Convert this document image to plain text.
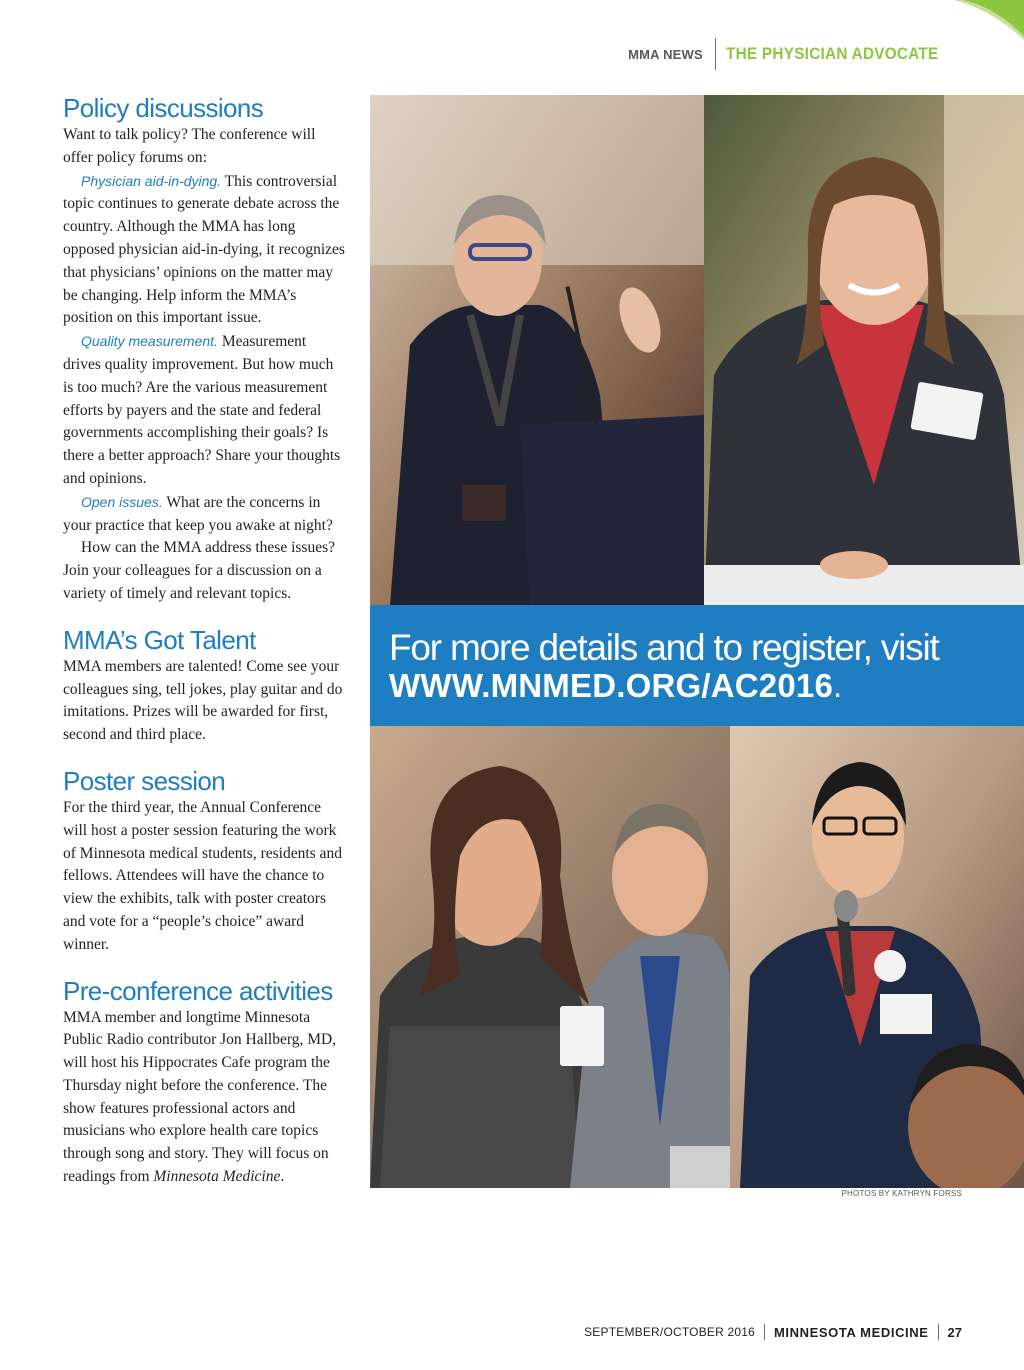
MMA NEWS THE PHYSICIAN ADVOCATE
Policy discussions

Want to talk policy? The conference will offer policy forums on:

Physician aid-in-dying. This controversial topic continues to generate debate across the country. Although the MMA has long opposed physician aid-in-dying, it recognizes that physicians’ opinions on the matter may be changing. Help inform the MMA’s position on this important issue.

Quality measurement. Measurement drives quality improvement. But how much is too much? Are the various measurement efforts by payers and the state and federal governments accomplishing their goals? Is there a better approach? Share your thoughts and opinions.

Open issues. What are the concerns in your practice that keep you awake at night?

How can the MMA address these issues? Join your colleagues for a discussion on a variety of timely and relevant topics.

MMA’s Got Talent

MMA members are talented! Come see your colleagues sing, tell jokes, play guitar and do imitations. Prizes will be awarded for first, second and third place.

Poster session

For the third year, the Annual Conference will host a poster session featuring the work of Minnesota medical students, residents and fellows. Attendees will have the chance to view the exhibits, talk with poster creators and vote for a “people’s choice” award winner.

Pre-conference activities

MMA member and longtime Minnesota Public Radio contributor Jon Hallberg, MD, will host his Hippocrates Cafe program the Thursday night before the conference. The show features professional actors and musicians who explore health care topics through song and story. They will focus on readings from Minnesota Medicine.

For more details and to register, visit
WWW.MNMED.ORG/AC2016.
PHOTOS BY KATHRYN FORSS
SEPTEMBER/OCTOBER 2016 MINNESOTA MEDICINE 27
